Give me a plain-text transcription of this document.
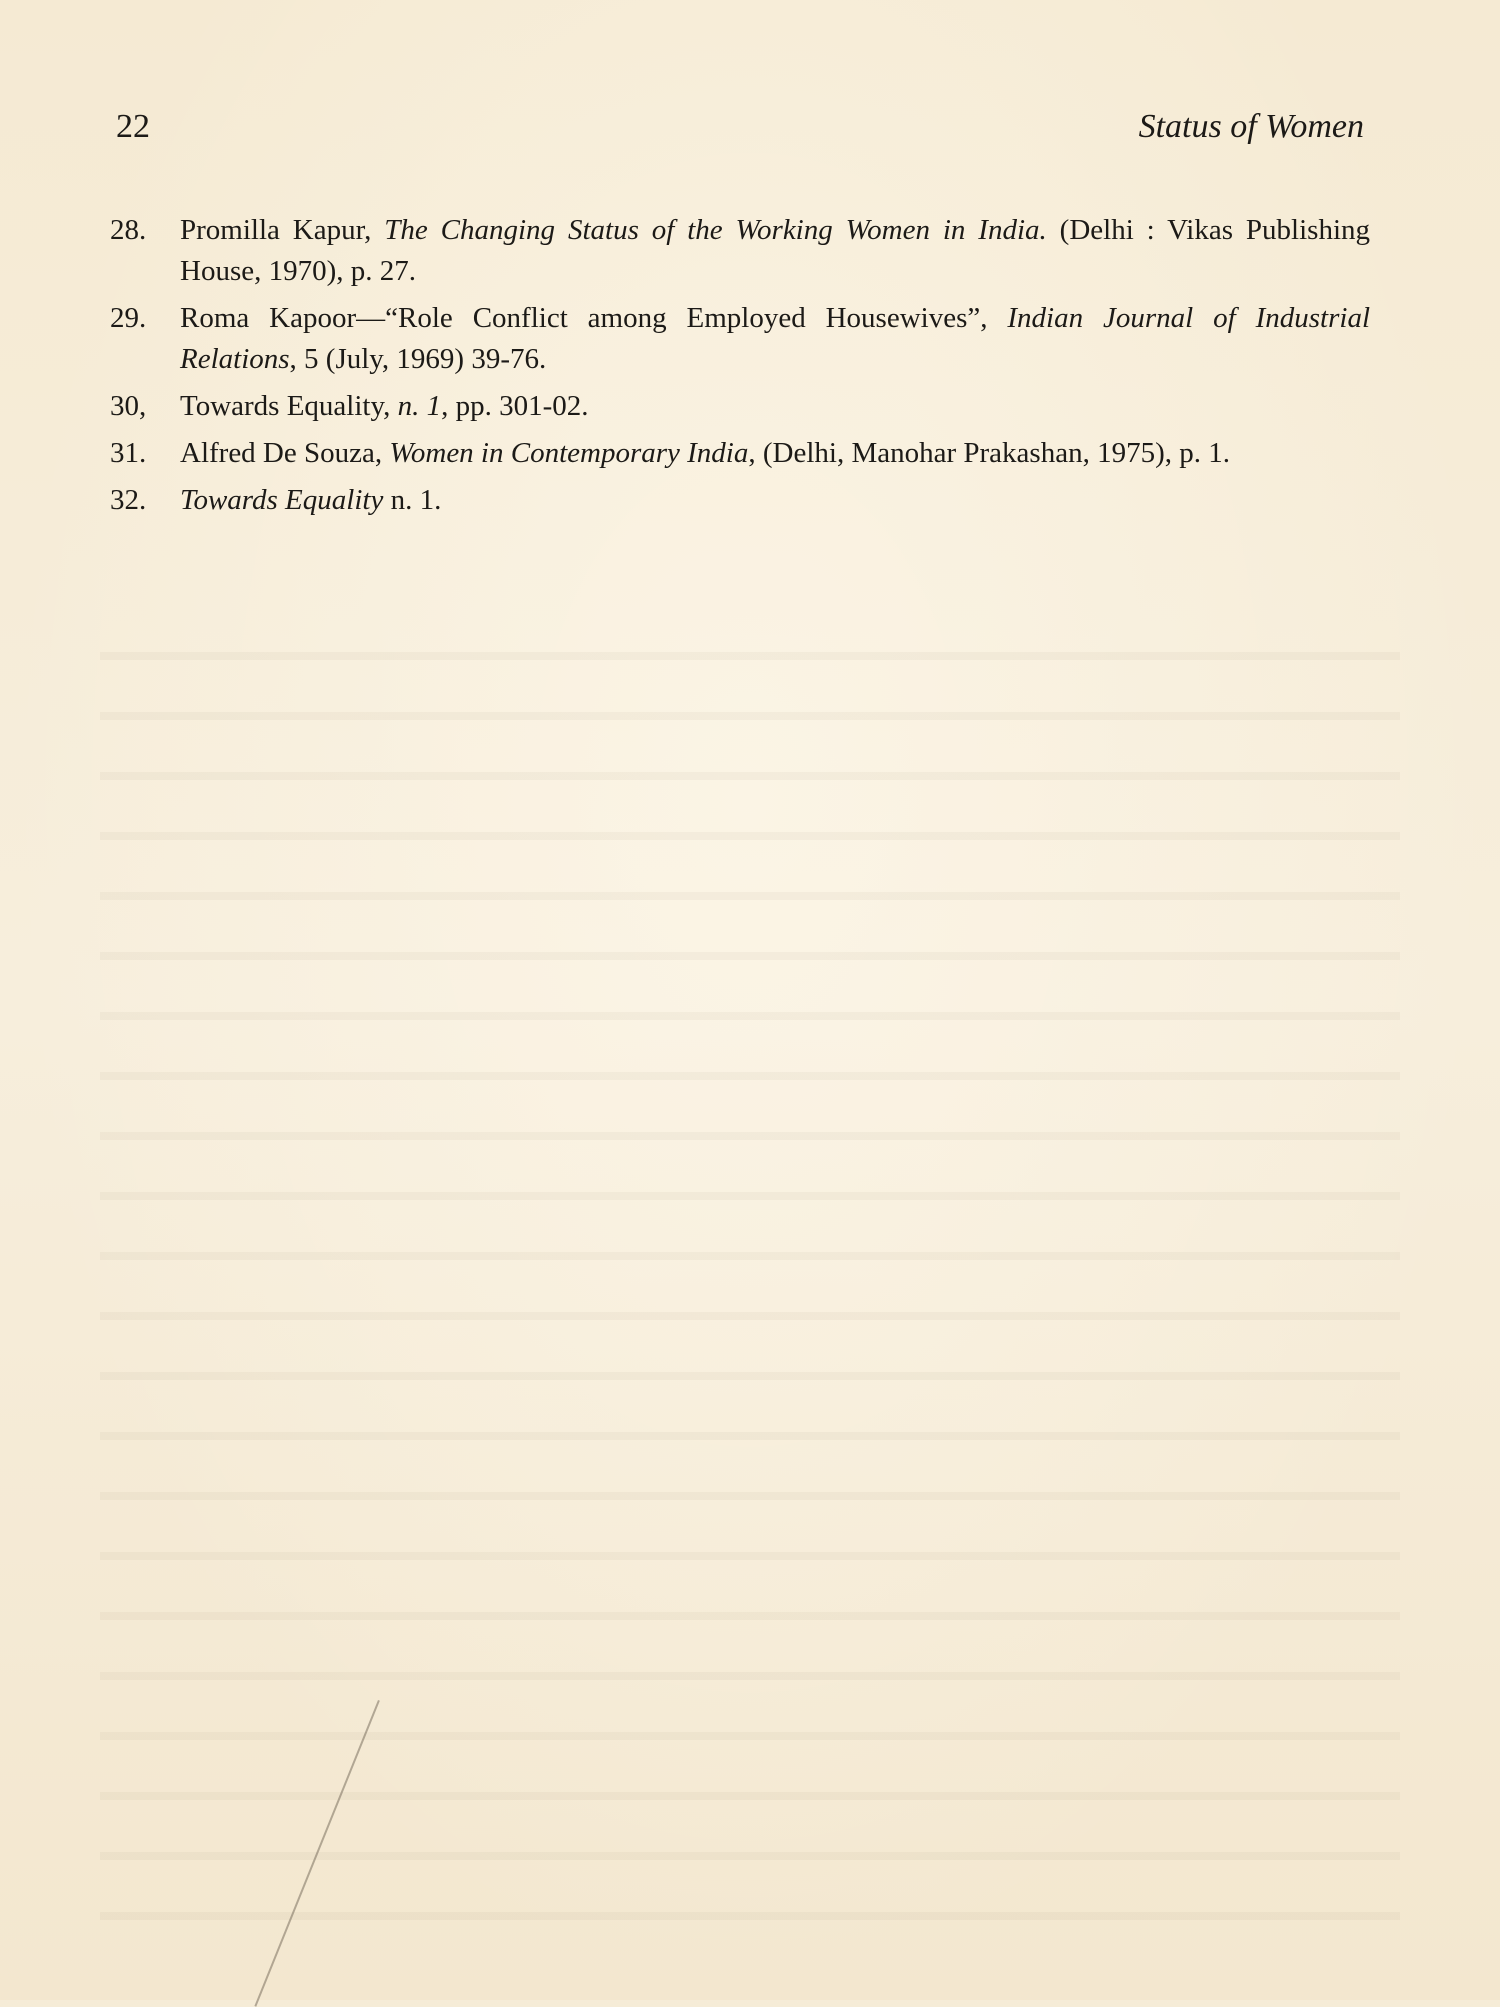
22	Status of Women
28.	Promilla Kapur, The Changing Status of the Working Women in India. (Delhi : Vikas Publishing House, 1970), p. 27.
29.	Roma Kapoor—“Role Conflict among Employed Housewives”, Indian Journal of Industrial Relations, 5 (July, 1969) 39-76.
30,	Towards Equality, n. 1, pp. 301-02.
31.	Alfred De Souza, Women in Contemporary India, (Delhi, Manohar Prakashan, 1975), p. 1.
32.	Towards Equality n. 1.
